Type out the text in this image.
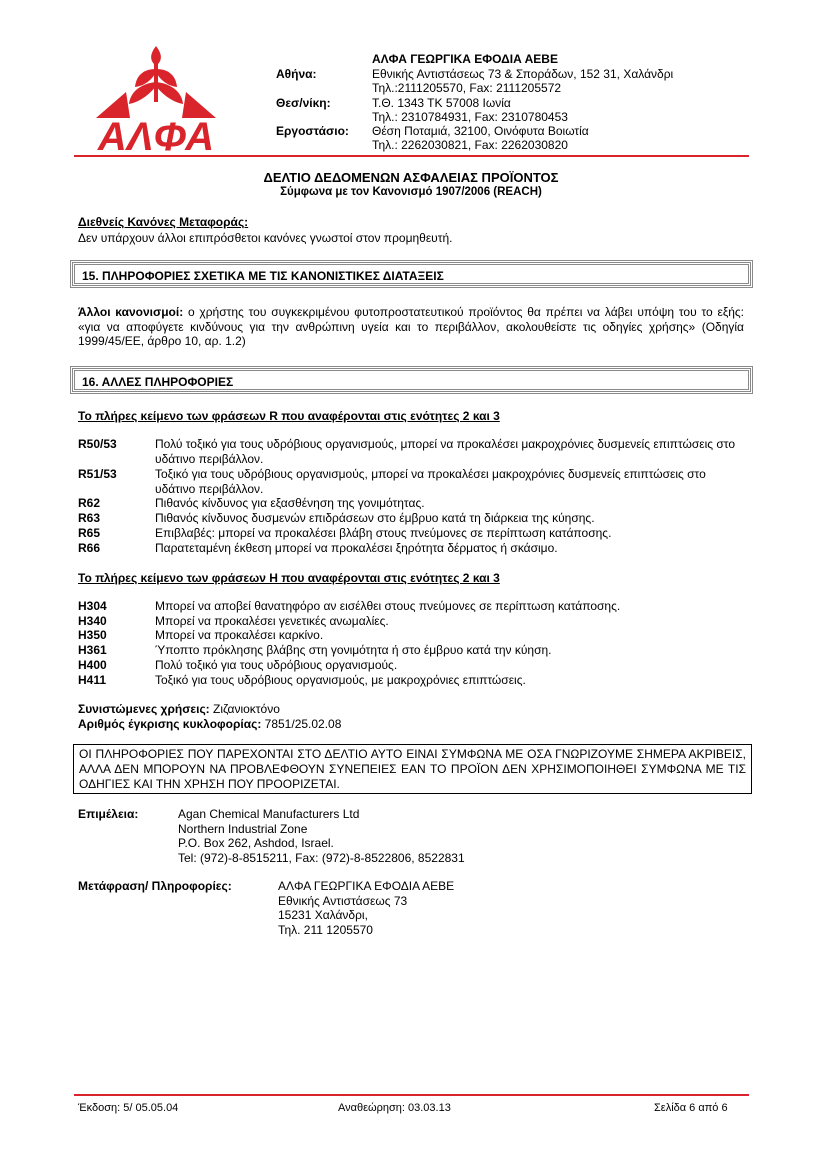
ΑΛΦΑ
ΑΛΦΑ ΓΕΩΡΓΙΚΑ ΕΦΟΔΙΑ ΑΕΒΕ
Αθήνα:	Εθνικής Αντιστάσεως 73 & Σποράδων, 152 31, Χαλάνδρι
Τηλ.:2111205570, Fax: 2111205572
Θεσ/νίκη:	Τ.Θ. 1343 ΤΚ 57008 Ιωνία
Τηλ.: 2310784931, Fax: 2310780453
Εργοστάσιο: Θέση Ποταμιά, 32100, Οινόφυτα Βοιωτία
Τηλ.: 2262030821, Fax: 2262030820
ΔΕΛΤΙΟ ΔΕΔΟΜΕΝΩΝ ΑΣΦΑΛΕΙΑΣ ΠΡΟΪΟΝΤΟΣ
Σύμφωνα με τον Κανονισμό 1907/2006 (REACH)
Διεθνείς Κανόνες Μεταφοράς:
Δεν υπάρχουν άλλοι επιπρόσθετοι κανόνες γνωστοί στον προμηθευτή.
15. ΠΛΗΡΟΦΟΡΙΕΣ ΣΧΕΤΙΚΑ ΜΕ ΤΙΣ ΚΑΝΟΝΙΣΤΙΚΕΣ ΔΙΑΤΑΞΕΙΣ
Άλλοι κανονισμοί: ο χρήστης του συγκεκριμένου φυτοπροστατευτικού προϊόντος θα πρέπει να λάβει υπόψη του το εξής: «για να αποφύγετε κινδύνους για την ανθρώπινη υγεία και το περιβάλλον, ακολουθείστε τις οδηγίες χρήσης» (Οδηγία 1999/45/ΕΕ, άρθρο 10, αρ. 1.2)
16. ΑΛΛΕΣ ΠΛΗΡΟΦΟΡΙΕΣ
Το πλήρες κείμενο των φράσεων R που αναφέρονται στις ενότητες 2 και 3
R50/53	Πολύ τοξικό για τους υδρόβιους οργανισμούς, μπορεί να προκαλέσει μακροχρόνιες δυσμενείς επιπτώσεις στο υδάτινο περιβάλλον.
R51/53	Τοξικό για τους υδρόβιους οργανισμούς, μπορεί να προκαλέσει μακροχρόνιες δυσμενείς επιπτώσεις στο υδάτινο περιβάλλον.
R62	Πιθανός κίνδυνος για εξασθένηση της γονιμότητας.
R63	Πιθανός κίνδυνος δυσμενών επιδράσεων στο έμβρυο κατά τη διάρκεια της κύησης.
R65	Επιβλαβές: μπορεί να προκαλέσει βλάβη στους πνεύμονες σε περίπτωση κατάποσης.
R66	Παρατεταμένη έκθεση μπορεί να προκαλέσει ξηρότητα δέρματος ή σκάσιμο.
Το πλήρες κείμενο των φράσεων Η που αναφέρονται στις ενότητες 2 και 3
H304	Μπορεί να αποβεί θανατηφόρο αν εισέλθει στους πνεύμονες σε περίπτωση κατάποσης.
H340	Μπορεί να προκαλέσει γενετικές ανωμαλίες.
H350	Μπορεί να προκαλέσει καρκίνο.
H361	Ύποπτο πρόκλησης βλάβης στη γονιμότητα ή στο έμβρυο κατά την κύηση.
H400	Πολύ τοξικό για τους υδρόβιους οργανισμούς.
H411	Τοξικό για τους υδρόβιους οργανισμούς, με μακροχρόνιες επιπτώσεις.
Συνιστώμενες χρήσεις: Ζιζανιοκτόνο
Αριθμός έγκρισης κυκλοφορίας: 7851/25.02.08
ΟΙ ΠΛΗΡΟΦΟΡΙΕΣ ΠΟΥ ΠΑΡΕΧΟΝΤΑΙ ΣΤΟ ΔΕΛΤΙΟ ΑΥΤΟ ΕΙΝΑΙ ΣΥΜΦΩΝΑ ΜΕ ΟΣΑ ΓΝΩΡΙΖΟΥΜΕ ΣΗΜΕΡΑ ΑΚΡΙΒΕΙΣ, ΑΛΛΑ ΔΕΝ ΜΠΟΡΟΥΝ ΝΑ ΠΡΟΒΛΕΦΘΟΥΝ ΣΥΝΕΠΕΙΕΣ ΕΑΝ ΤΟ ΠΡΟΪΟΝ ΔΕΝ ΧΡΗΣΙΜΟΠΟΙΗΘΕΙ ΣΥΜΦΩΝΑ ΜΕ ΤΙΣ ΟΔΗΓΙΕΣ ΚΑΙ ΤΗΝ ΧΡΗΣΗ ΠΟΥ ΠΡΟΟΡΙΖΕΤΑΙ.
Επιμέλεια:	Agan Chemical Manufacturers Ltd
Northern Industrial Zone
P.O. Box 262, Ashdod, Israel.
Tel: (972)-8-8515211, Fax: (972)-8-8522806, 8522831
Μετάφραση/ Πληροφορίες:	ΑΛΦΑ ΓΕΩΡΓΙΚΑ ΕΦΟΔΙΑ ΑΕΒΕ
Εθνικής Αντιστάσεως 73
15231 Χαλάνδρι,
Τηλ. 211 1205570
Έκδοση: 5/ 05.05.04	Αναθεώρηση: 03.03.13	Σελίδα 6 από 6
